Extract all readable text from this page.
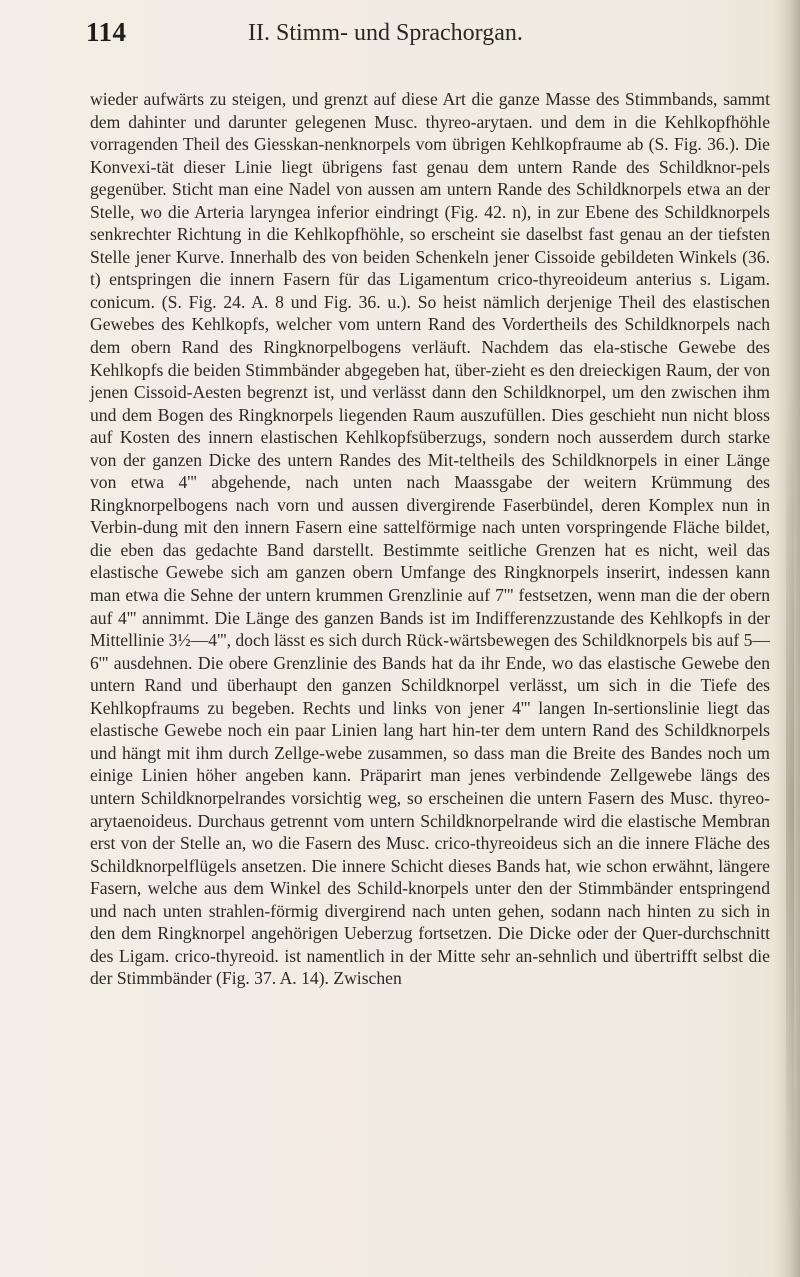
114	II. Stimm- und Sprachorgan.

wieder aufwärts zu steigen, und grenzt auf diese Art die ganze Masse des Stimmbands, sammt dem dahinter und darunter gelegenen Musc. thyreo-arytaen. und dem in die Kehlkopfhöhle vorragenden Theil des Giesskan-nenknorpels vom übrigen Kehlkopfraume ab (S. Fig. 36.). Die Konvexi-tät dieser Linie liegt übrigens fast genau dem untern Rande des Schildknor-pels gegenüber. Sticht man eine Nadel von aussen am untern Rande des Schildknorpels etwa an der Stelle, wo die Arteria laryngea inferior eindringt (Fig. 42. n), in zur Ebene des Schildknorpels senkrechter Richtung in die Kehlkopfhöhle, so erscheint sie daselbst fast genau an der tiefsten Stelle jener Kurve. Innerhalb des von beiden Schenkeln jener Cissoide gebildeten Winkels (36. t) entspringen die innern Fasern für das Ligamentum crico-thyreoideum anterius s. Ligam. conicum. (S. Fig. 24. A. 8 und Fig. 36. u.). So heist nämlich derjenige Theil des elastischen Gewebes des Kehlkopfs, welcher vom untern Rand des Vordertheils des Schildknorpels nach dem obern Rand des Ringknorpelbogens verläuft. Nachdem das ela-stische Gewebe des Kehlkopfs die beiden Stimmbänder abgegeben hat, über-zieht es den dreieckigen Raum, der von jenen Cissoid-Aesten begrenzt ist, und verlässt dann den Schildknorpel, um den zwischen ihm und dem Bogen des Ringknorpels liegenden Raum auszufüllen. Dies geschieht nun nicht bloss auf Kosten des innern elastischen Kehlkopfsüberzugs, sondern noch ausserdem durch starke von der ganzen Dicke des untern Randes des Mit-teltheils des Schildknorpels in einer Länge von etwa 4''' abgehende, nach unten nach Maassgabe der weitern Krümmung des Ringknorpelbogens nach vorn und aussen divergirende Faserbündel, deren Komplex nun in Verbin-dung mit den innern Fasern eine sattelförmige nach unten vorspringende Fläche bildet, die eben das gedachte Band darstellt. Bestimmte seitliche Grenzen hat es nicht, weil das elastische Gewebe sich am ganzen obern Umfange des Ringknorpels inserirt, indessen kann man etwa die Sehne der untern krummen Grenzlinie auf 7''' festsetzen, wenn man die der obern auf 4''' annimmt. Die Länge des ganzen Bands ist im Indifferenzzustande des Kehlkopfs in der Mittellinie 3½—4''', doch lässt es sich durch Rück-wärtsbewegen des Schildknorpels bis auf 5—6''' ausdehnen. Die obere Grenzlinie des Bands hat da ihr Ende, wo das elastische Gewebe den untern Rand und überhaupt den ganzen Schildknorpel verlässt, um sich in die Tiefe des Kehlkopfraums zu begeben. Rechts und links von jener 4''' langen In-sertionslinie liegt das elastische Gewebe noch ein paar Linien lang hart hin-ter dem untern Rand des Schildknorpels und hängt mit ihm durch Zellge-webe zusammen, so dass man die Breite des Bandes noch um einige Linien höher angeben kann. Präparirt man jenes verbindende Zellgewebe längs des untern Schildknorpelrandes vorsichtig weg, so erscheinen die untern Fasern des Musc. thyreo-arytaenoideus. Durchaus getrennt vom untern Schildknorpelrande wird die elastische Membran erst von der Stelle an, wo die Fasern des Musc. crico-thyreoideus sich an die innere Fläche des Schildknorpelflügels ansetzen. Die innere Schicht dieses Bands hat, wie schon erwähnt, längere Fasern, welche aus dem Winkel des Schild-knorpels unter den der Stimmbänder entspringend und nach unten strahlen-förmig divergirend nach unten gehen, sodann nach hinten zu sich in den dem Ringknorpel angehörigen Ueberzug fortsetzen. Die Dicke oder der Quer-durchschnitt des Ligam. crico-thyreoid. ist namentlich in der Mitte sehr an-sehnlich und übertrifft selbst die der Stimmbänder (Fig. 37. A. 14). Zwischen
